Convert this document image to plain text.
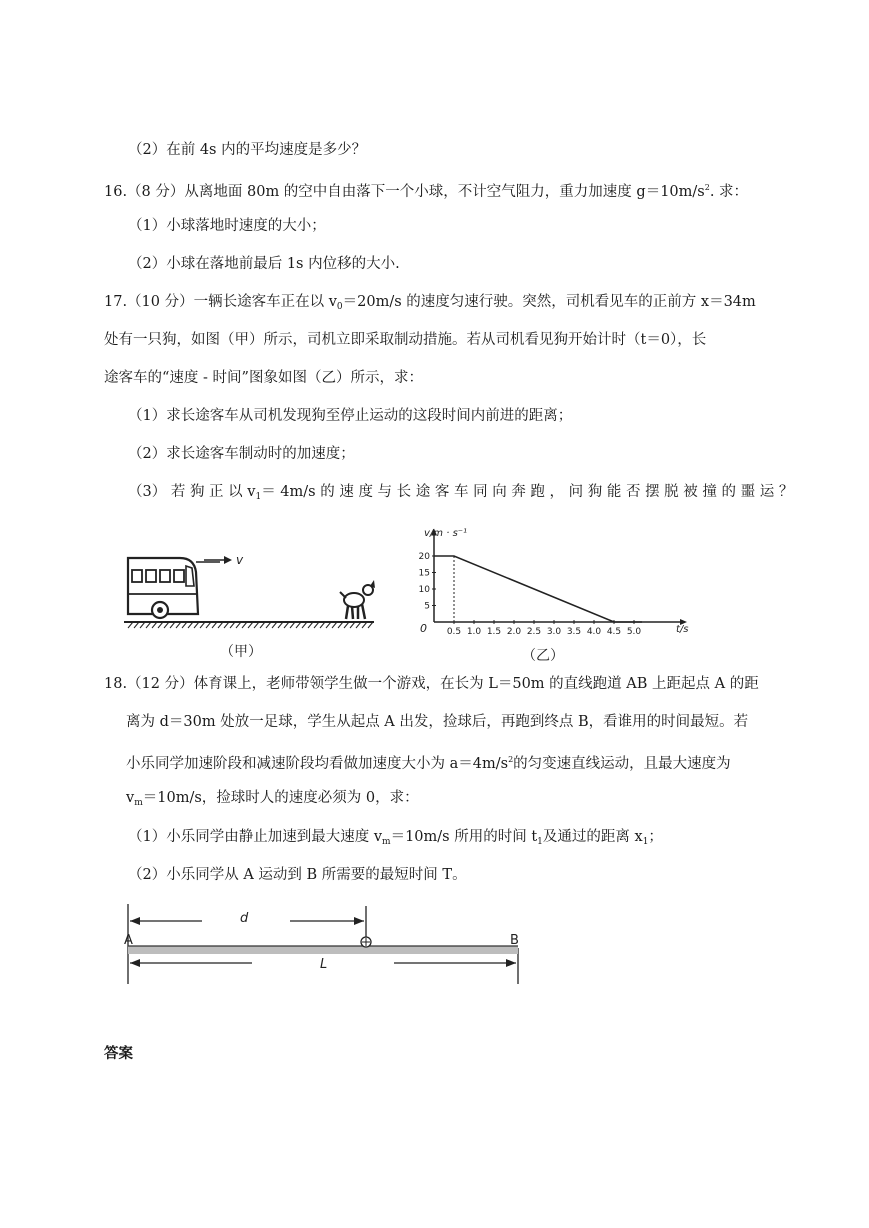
（2）在前 4s 内的平均速度是多少？
16.（8 分）从离地面 80m 的空中自由落下一个小球，不计空气阻力，重力加速度 $g=10m/s^2$. 求：
（1）小球落地时速度的大小；
（2）小球在落地前最后 1s 内位移的大小.
17.（10 分）一辆长途客车正在以 $v_0=20m/s$ 的速度匀速行驶。突然，司机看见车的正前方 x＝34m
处有一只狗，如图（甲）所示，司机立即采取制动措施。若从司机看见狗开始计时（t＝0），长
途客车的“速度 - 时间”图象如图（乙）所示，求：
（1）求长途客车从司机发现狗至停止运动的这段时间内前进的距离；
（2）求长途客车制动时的加速度；
（3） 若 狗 正 以 $v_1= 4m/s$ 的 速 度 与 长 途 客 车 同 向 奔 跑 ， 问 狗 能 否 摆 脱 被 撞 的 噩 运 ？
v
（甲）
0.5 1.0 1.5 2.0 2.5 3.0 3.5 4.0 4.5 5.0
5
10
15
20
v/m · s⁻¹
t/s
0
（乙）
18.（12 分）体育课上，老师带领学生做一个游戏，在长为 L＝50m 的直线跑道 AB 上距起点 A 的距
离为 d＝30m 处放一足球，学生从起点 A 出发，捡球后，再跑到终点 B，看谁用的时间最短。若
小乐同学加速阶段和减速阶段均看做加速度大小为 $a=4m/s^2$的匀变速直线运动，且最大速度为
$v_m=10m/s$，捡球时人的速度必须为 0，求：
（1）小乐同学由静止加速到最大速度 $v_m=10m/s$ 所用的时间 $t_1$及通过的距离 $x_1$；
（2）小乐同学从 A 运动到 B 所需要的最短时间 T。
d
A	B
L
答案
